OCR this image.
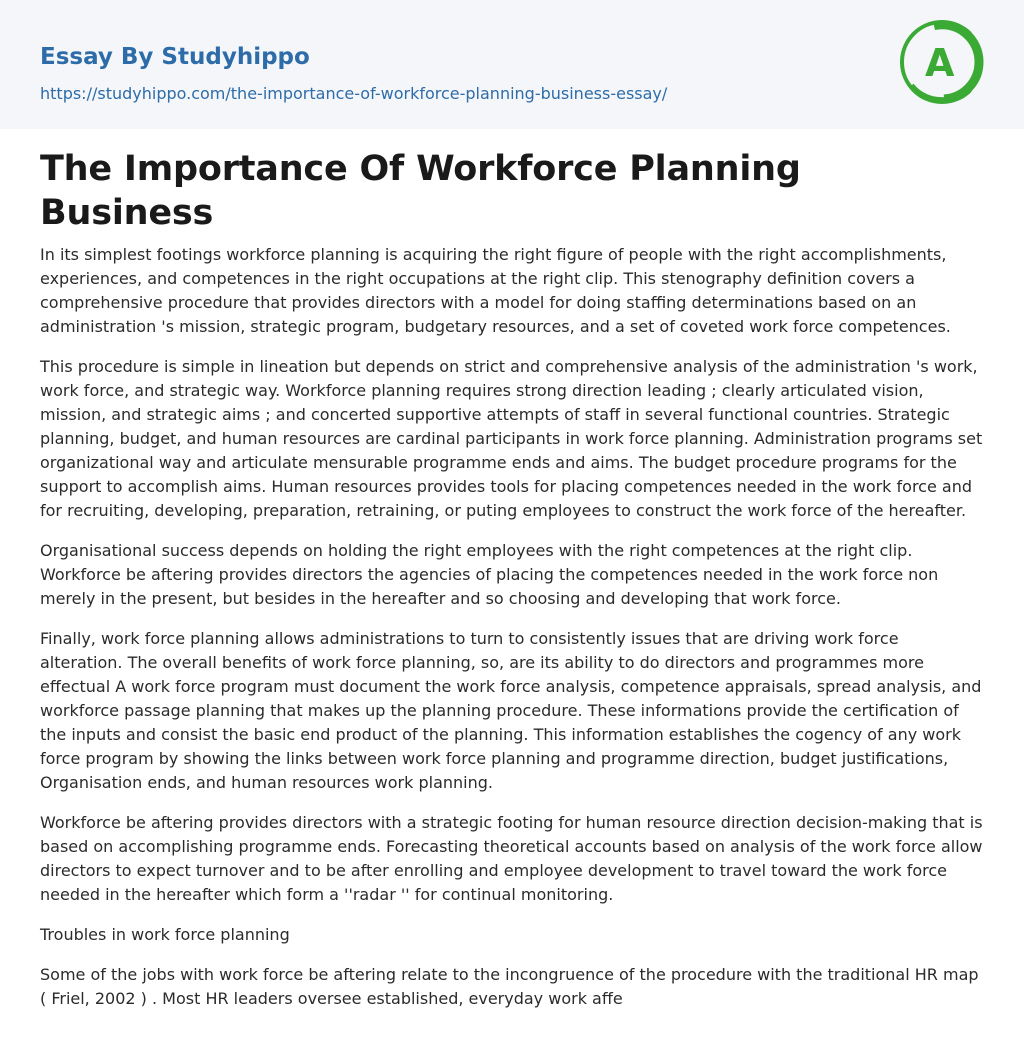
Essay By Studyhippo
https://studyhippo.com/the-importance-of-workforce-planning-business-essay/
A
The Importance Of Workforce Planning Business

In its simplest footings workforce planning is acquiring the right figure of people with the right accomplishments, experiences, and competences in the right occupations at the right clip. This stenography definition covers a comprehensive procedure that provides directors with a model for doing staffing determinations based on an administration 's mission, strategic program, budgetary resources, and a set of coveted work force competences.

This procedure is simple in lineation but depends on strict and comprehensive analysis of the administration 's work, work force, and strategic way. Workforce planning requires strong direction leading ; clearly articulated vision, mission, and strategic aims ; and concerted supportive attempts of staff in several functional countries. Strategic planning, budget, and human resources are cardinal participants in work force planning. Administration programs set organizational way and articulate mensurable programme ends and aims. The budget procedure programs for the support to accomplish aims. Human resources provides tools for placing competences needed in the work force and for recruiting, developing, preparation, retraining, or puting employees to construct the work force of the hereafter.

Organisational success depends on holding the right employees with the right competences at the right clip. Workforce be aftering provides directors the agencies of placing the competences needed in the work force non merely in the present, but besides in the hereafter and so choosing and developing that work force.

Finally, work force planning allows administrations to turn to consistently issues that are driving work force alteration. The overall benefits of work force planning, so, are its ability to do directors and programmes more effectual A work force program must document the work force analysis, competence appraisals, spread analysis, and workforce passage planning that makes up the planning procedure. These informations provide the certification of the inputs and consist the basic end product of the planning. This information establishes the cogency of any work force program by showing the links between work force planning and programme direction, budget justifications, Organisation ends, and human resources work planning.

Workforce be aftering provides directors with a strategic footing for human resource direction decision-making that is based on accomplishing programme ends. Forecasting theoretical accounts based on analysis of the work force allow directors to expect turnover and to be after enrolling and employee development to travel toward the work force needed in the hereafter which form a ''radar '' for continual monitoring.

Troubles in work force planning

Some of the jobs with work force be aftering relate to the incongruence of the procedure with the traditional HR map ( Friel, 2002 ) . Most HR leaders oversee established, everyday work affe
